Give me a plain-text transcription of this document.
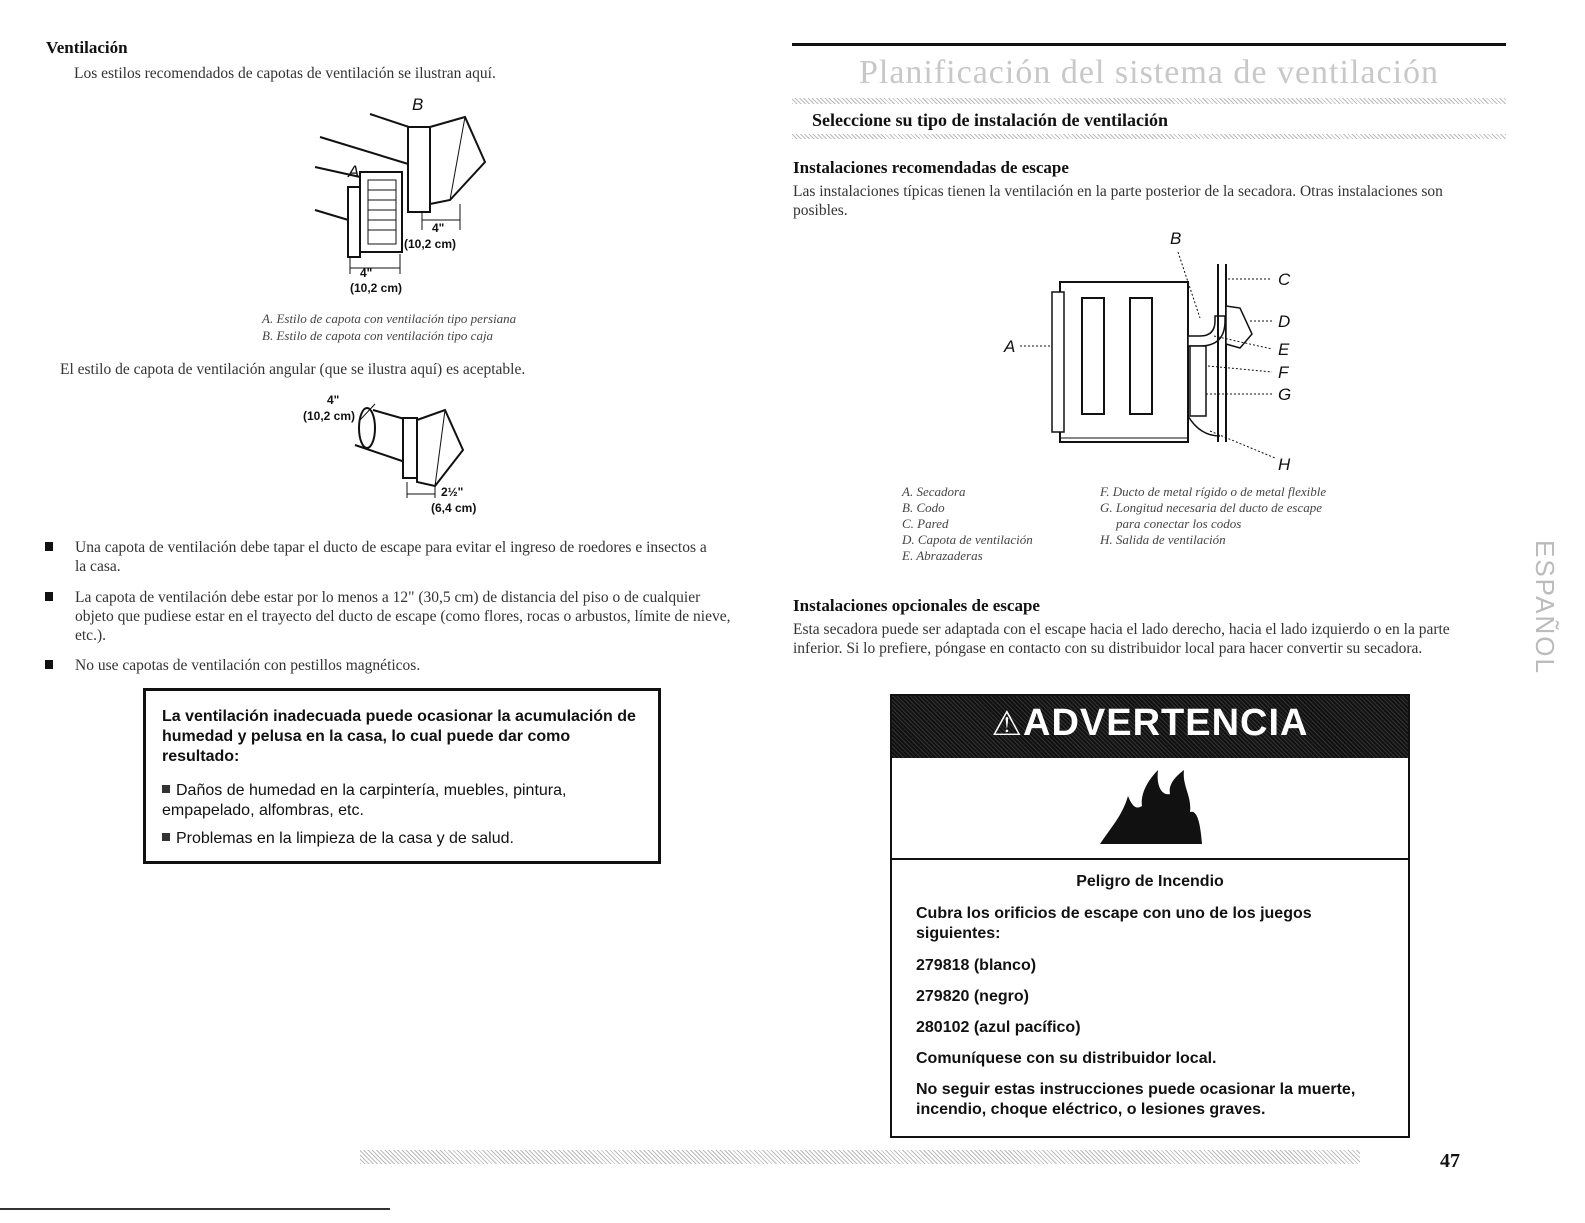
Ventilación
Los estilos recomendados de capotas de ventilación se ilustran aquí.
B
A
4"
(10,2 cm)
4"
(10,2 cm)
A. Estilo de capota con ventilación tipo persiana
B. Estilo de capota con ventilación tipo caja
El estilo de capota de ventilación angular (que se ilustra aquí) es aceptable.
4"
(10,2 cm)
2½"
(6,4 cm)
Una capota de ventilación debe tapar el ducto de escape para evitar el ingreso de roedores e insectos a la casa.
La capota de ventilación debe estar por lo menos a 12" (30,5 cm) de distancia del piso o de cualquier objeto que pudiese estar en el trayecto del ducto de escape (como flores, rocas o arbustos, límite de nieve, etc.).
No use capotas de ventilación con pestillos magnéticos.
La ventilación inadecuada puede ocasionar la acumulación de humedad y pelusa en la casa, lo cual puede dar como resultado:
Daños de humedad en la carpintería, muebles, pintura, empapelado, alfombras, etc.
Problemas en la limpieza de la casa y de salud.
Planificación del sistema de ventilación
Seleccione su tipo de instalación de ventilación
Instalaciones recomendadas de escape
Las instalaciones típicas tienen la ventilación en la parte posterior de la secadora. Otras instalaciones son posibles.
A
B
C
D
E
F
G
H
A. Secadora
B. Codo
C. Pared
D. Capota de ventilación
E. Abrazaderas
F. Ducto de metal rígido o de metal flexible
G. Longitud necesaria del ducto de escape
para conectar los codos
H. Salida de ventilación
Instalaciones opcionales de escape
Esta secadora puede ser adaptada con el escape hacia el lado derecho, hacia el lado izquierdo o en la parte inferior. Si lo prefiere, póngase en contacto con su distribuidor local para hacer convertir su secadora.
⚠ADVERTENCIA
Peligro de Incendio
Cubra los orificios de escape con uno de los juegos siguientes:
279818 (blanco)
279820 (negro)
280102 (azul pacífico)
Comuníquese con su distribuidor local.
No seguir estas instrucciones puede ocasionar la muerte, incendio, choque eléctrico, o lesiones graves.
ESPAÑOL
47
